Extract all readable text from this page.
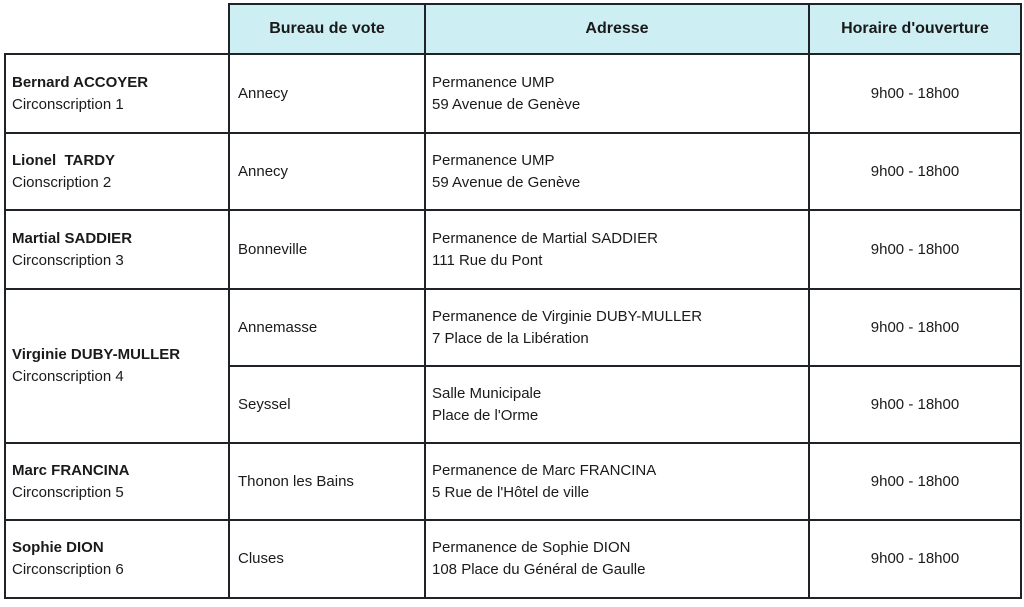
	Bureau de vote	Adresse	Horaire d'ouverture

Bernard ACCOYER
Circonscription 1	Annecy	Permanence UMP
59 Avenue de Genève	9h00 - 18h00

Lionel  TARDY
Cionscription 2	Annecy	Permanence UMP
59 Avenue de Genève	9h00 - 18h00

Martial SADDIER
Circonscription 3	Bonneville	Permanence de Martial SADDIER
111 Rue du Pont	9h00 - 18h00

Virginie DUBY-MULLER
Circonscription 4	Annemasse	Permanence de Virginie DUBY-MULLER
7 Place de la Libération	9h00 - 18h00
	Seyssel	Salle Municipale
Place de l'Orme	9h00 - 18h00

Marc FRANCINA
Circonscription 5	Thonon les Bains	Permanence de Marc FRANCINA
5 Rue de l'Hôtel de ville	9h00 - 18h00

Sophie DION
Circonscription 6	Cluses	Permanence de Sophie DION
108 Place du Général de Gaulle	9h00 - 18h00
